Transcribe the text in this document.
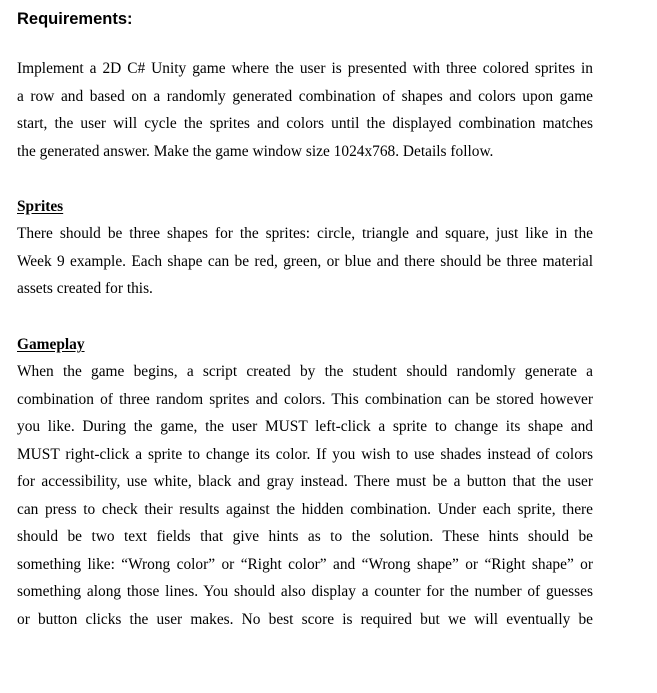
Requirements:

Implement a 2D C# Unity game where the user is presented with three colored sprites in
a row and based on a randomly generated combination of shapes and colors upon game
start, the user will cycle the sprites and colors until the displayed combination matches
the generated answer. Make the game window size 1024x768. Details follow.

Sprites

There should be three shapes for the sprites: circle, triangle and square, just like in the
Week 9 example. Each shape can be red, green, or blue and there should be three material
assets created for this.

Gameplay

When the game begins, a script created by the student should randomly generate a
combination of three random sprites and colors. This combination can be stored however
you like. During the game, the user MUST left-click a sprite to change its shape and
MUST right-click a sprite to change its color. If you wish to use shades instead of colors
for accessibility, use white, black and gray instead. There must be a button that the user
can press to check their results against the hidden combination. Under each sprite, there
should be two text fields that give hints as to the solution. These hints should be
something like: “Wrong color” or “Right color” and “Wrong shape” or “Right shape” or
something along those lines. You should also display a counter for the number of guesses
or button clicks the user makes. No best score is required but we will eventually be
